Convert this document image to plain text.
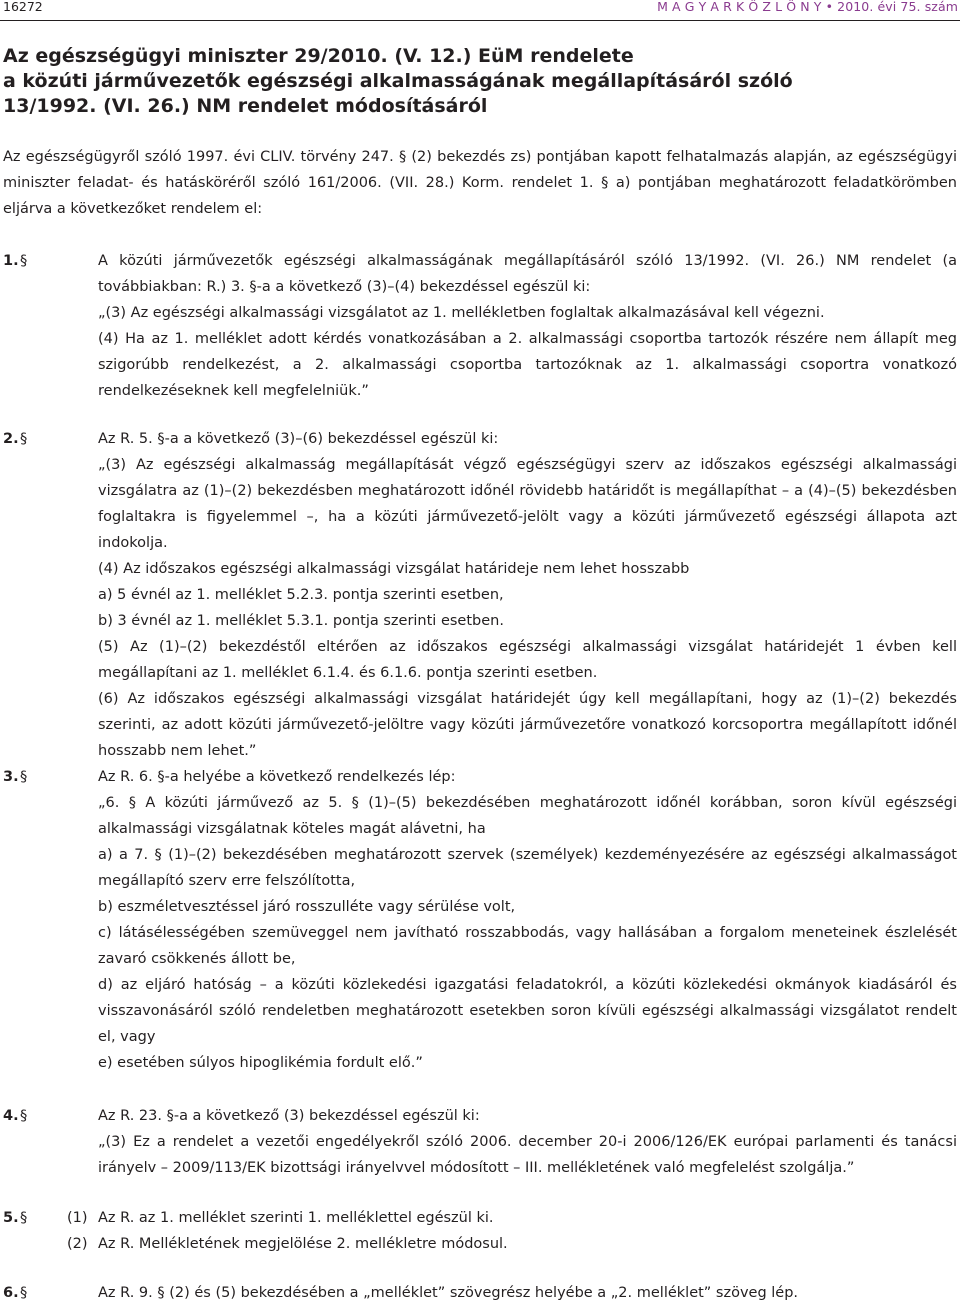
16272	M A G Y A R K Ö Z L Ö N Y • 2010. évi 75. szám
Az egészségügyi miniszter 29/2010. (V. 12.) EüM rendelete
a közúti járművezetők egészségi alkalmasságának megállapításáról szóló
13/1992. (VI. 26.) NM rendelet módosításáról

Az egészségügyről szóló 1997. évi CLIV. törvény 247. § (2) bekezdés zs) pontjában kapott felhatalmazás alapján, az egészségügyi miniszter feladat- és hatásköréről szóló 161/2006. (VII. 28.) Korm. rendelet 1. § a) pontjában meghatározott feladatkörömben eljárva a következőket rendelem el:

1. §	A közúti járművezetők egészségi alkalmasságának megállapításáról szóló 13/1992. (VI. 26.) NM rendelet (a továbbiakban: R.) 3. §-a a következő (3)–(4) bekezdéssel egészül ki:

„(3) Az egészségi alkalmassági vizsgálatot az 1. mellékletben foglaltak alkalmazásával kell végezni.

(4) Ha az 1. melléklet adott kérdés vonatkozásában a 2. alkalmassági csoportba tartozók részére nem állapít meg szigorúbb rendelkezést, a 2. alkalmassági csoportba tartozóknak az 1. alkalmassági csoportra vonatkozó rendelkezéseknek kell megfelelniük.”

2. §	Az R. 5. §-a a következő (3)–(6) bekezdéssel egészül ki:

„(3) Az egészségi alkalmasság megállapítását végző egészségügyi szerv az időszakos egészségi alkalmassági vizsgálatra az (1)–(2) bekezdésben meghatározott időnél rövidebb határidőt is megállapíthat – a (4)–(5) bekezdésben foglaltakra is figyelemmel –, ha a közúti járművezető-jelölt vagy a közúti járművezető egészségi állapota azt indokolja.

(4) Az időszakos egészségi alkalmassági vizsgálat határideje nem lehet hosszabb

a) 5 évnél az 1. melléklet 5.2.3. pontja szerinti esetben,

b) 3 évnél az 1. melléklet 5.3.1. pontja szerinti esetben.

(5) Az (1)–(2) bekezdéstől eltérően az időszakos egészségi alkalmassági vizsgálat határidejét 1 évben kell megállapítani az 1. melléklet 6.1.4. és 6.1.6. pontja szerinti esetben.

(6) Az időszakos egészségi alkalmassági vizsgálat határidejét úgy kell megállapítani, hogy az (1)–(2) bekezdés szerinti, az adott közúti járművezető-jelöltre vagy közúti járművezetőre vonatkozó korcsoportra megállapított időnél hosszabb nem lehet.”

3. §	Az R. 6. §-a helyébe a következő rendelkezés lép:

„6. § A közúti járművező az 5. § (1)–(5) bekezdésében meghatározott időnél korábban, soron kívül egészségi alkalmassági vizsgálatnak köteles magát alávetni, ha

a) a 7. § (1)–(2) bekezdésében meghatározott szervek (személyek) kezdeményezésére az egészségi alkalmasságot megállapító szerv erre felszólította,

b) eszméletvesztéssel járó rosszulléte vagy sérülése volt,

c) látásélességében szemüveggel nem javítható rosszabbodás, vagy hallásában a forgalom meneteinek észlelését zavaró csökkenés állott be,

d) az eljáró hatóság – a közúti közlekedési igazgatási feladatokról, a közúti közlekedési okmányok kiadásáról és visszavonásáról szóló rendeletben meghatározott esetekben soron kívüli egészségi alkalmassági vizsgálatot rendelt el, vagy

e) esetében súlyos hipoglikémia fordult elő.”

4. §	Az R. 23. §-a a következő (3) bekezdéssel egészül ki:

„(3) Ez a rendelet a vezetői engedélyekről szóló 2006. december 20-i 2006/126/EK európai parlamenti és tanácsi irányelv – 2009/113/EK bizottsági irányelvvel módosított – III. mellékletének való megfelelést szolgálja.”

5. §	(1) Az R. az 1. melléklet szerinti 1. melléklettel egészül ki.

(2) Az R. Mellékletének megjelölése 2. mellékletre módosul.

6. §	Az R. 9. § (2) és (5) bekezdésében a „melléklet” szövegrész helyébe a „2. melléklet” szöveg lép.
